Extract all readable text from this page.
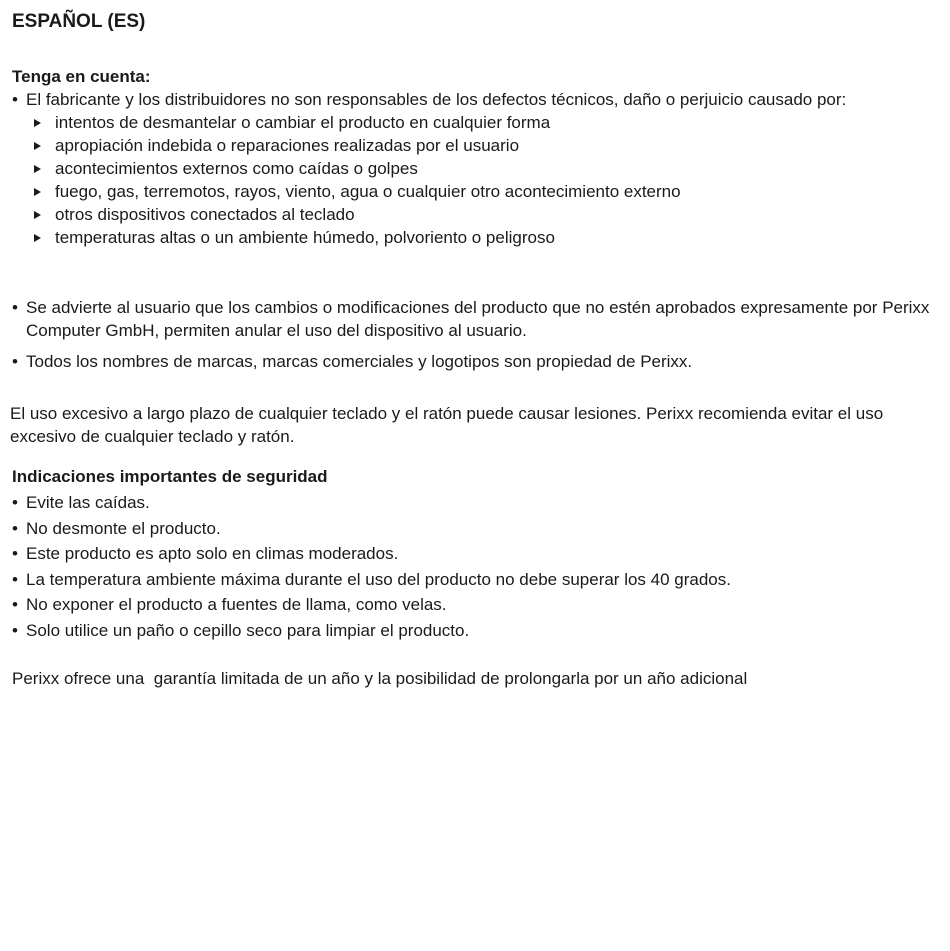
ESPAÑOL (ES)

Tenga en cuenta:

• El fabricante y los distribuidores no son responsables de los defectos técnicos, daño o perjuicio causado por:

intentos de desmantelar o cambiar el producto en cualquier forma
apropiación indebida o reparaciones realizadas por el usuario
acontecimientos externos como caídas o golpes
fuego, gas, terremotos, rayos, viento, agua o cualquier otro acontecimiento externo
otros dispositivos conectados al teclado
temperaturas altas o un ambiente húmedo, polvoriento o peligroso

• Se advierte al usuario que los cambios o modificaciones del producto que no estén aprobados expresamente por Perixx Computer GmbH, permiten anular el uso del dispositivo al usuario.

• Todos los nombres de marcas, marcas comerciales y logotipos son propiedad de Perixx.

El uso excesivo a largo plazo de cualquier teclado y el ratón puede causar lesiones. Perixx recomienda evitar el uso excesivo de cualquier teclado y ratón.

Indicaciones importantes de seguridad

• Evite las caídas.

• No desmonte el producto.

• Este producto es apto solo en climas moderados.

• La temperatura ambiente máxima durante el uso del producto no debe superar los 40 grados.

• No exponer el producto a fuentes de llama, como velas.

• Solo utilice un paño o cepillo seco para limpiar el producto.

Perixx ofrece una  garantía limitada de un año y la posibilidad de prolongarla por un año adicional
